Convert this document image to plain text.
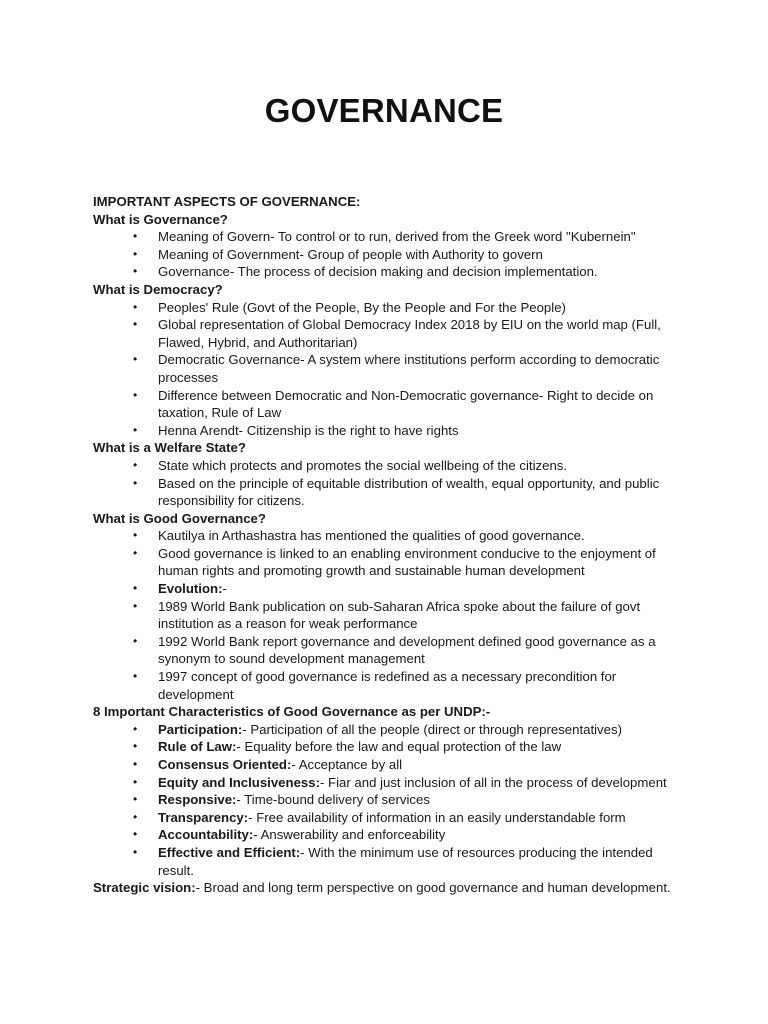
GOVERNANCE

IMPORTANT ASPECTS OF GOVERNANCE:

What is Governance?

• Meaning of Govern- To control or to run, derived from the Greek word "Kubernein"
• Meaning of Government- Group of people with Authority to govern
• Governance- The process of decision making and decision implementation.

What is Democracy?

• Peoples' Rule (Govt of the People, By the People and For the People)
• Global representation of Global Democracy Index 2018 by EIU on the world map (Full, Flawed, Hybrid, and Authoritarian)
• Democratic Governance- A system where institutions perform according to democratic processes
• Difference between Democratic and Non-Democratic governance- Right to decide on taxation, Rule of Law
• Henna Arendt- Citizenship is the right to have rights

What is a Welfare State?

• State which protects and promotes the social wellbeing of the citizens.
• Based on the principle of equitable distribution of wealth, equal opportunity, and public responsibility for citizens.

What is Good Governance?

• Kautilya in Arthashastra has mentioned the qualities of good governance.
• Good governance is linked to an enabling environment conducive to the enjoyment of human rights and promoting growth and sustainable human development
• Evolution:-
• 1989 World Bank publication on sub-Saharan Africa spoke about the failure of govt institution as a reason for weak performance
• 1992 World Bank report governance and development defined good governance as a synonym to sound development management
• 1997 concept of good governance is redefined as a necessary precondition for development

8 Important Characteristics of Good Governance as per UNDP:-

• Participation:- Participation of all the people (direct or through representatives)
• Rule of Law:- Equality before the law and equal protection of the law
• Consensus Oriented:- Acceptance by all
• Equity and Inclusiveness:- Fiar and just inclusion of all in the process of development
• Responsive:- Time-bound delivery of services
• Transparency:- Free availability of information in an easily understandable form
• Accountability:- Answerability and enforceability
• Effective and Efficient:- With the minimum use of resources producing the intended result.

Strategic vision:- Broad and long term perspective on good governance and human development.
